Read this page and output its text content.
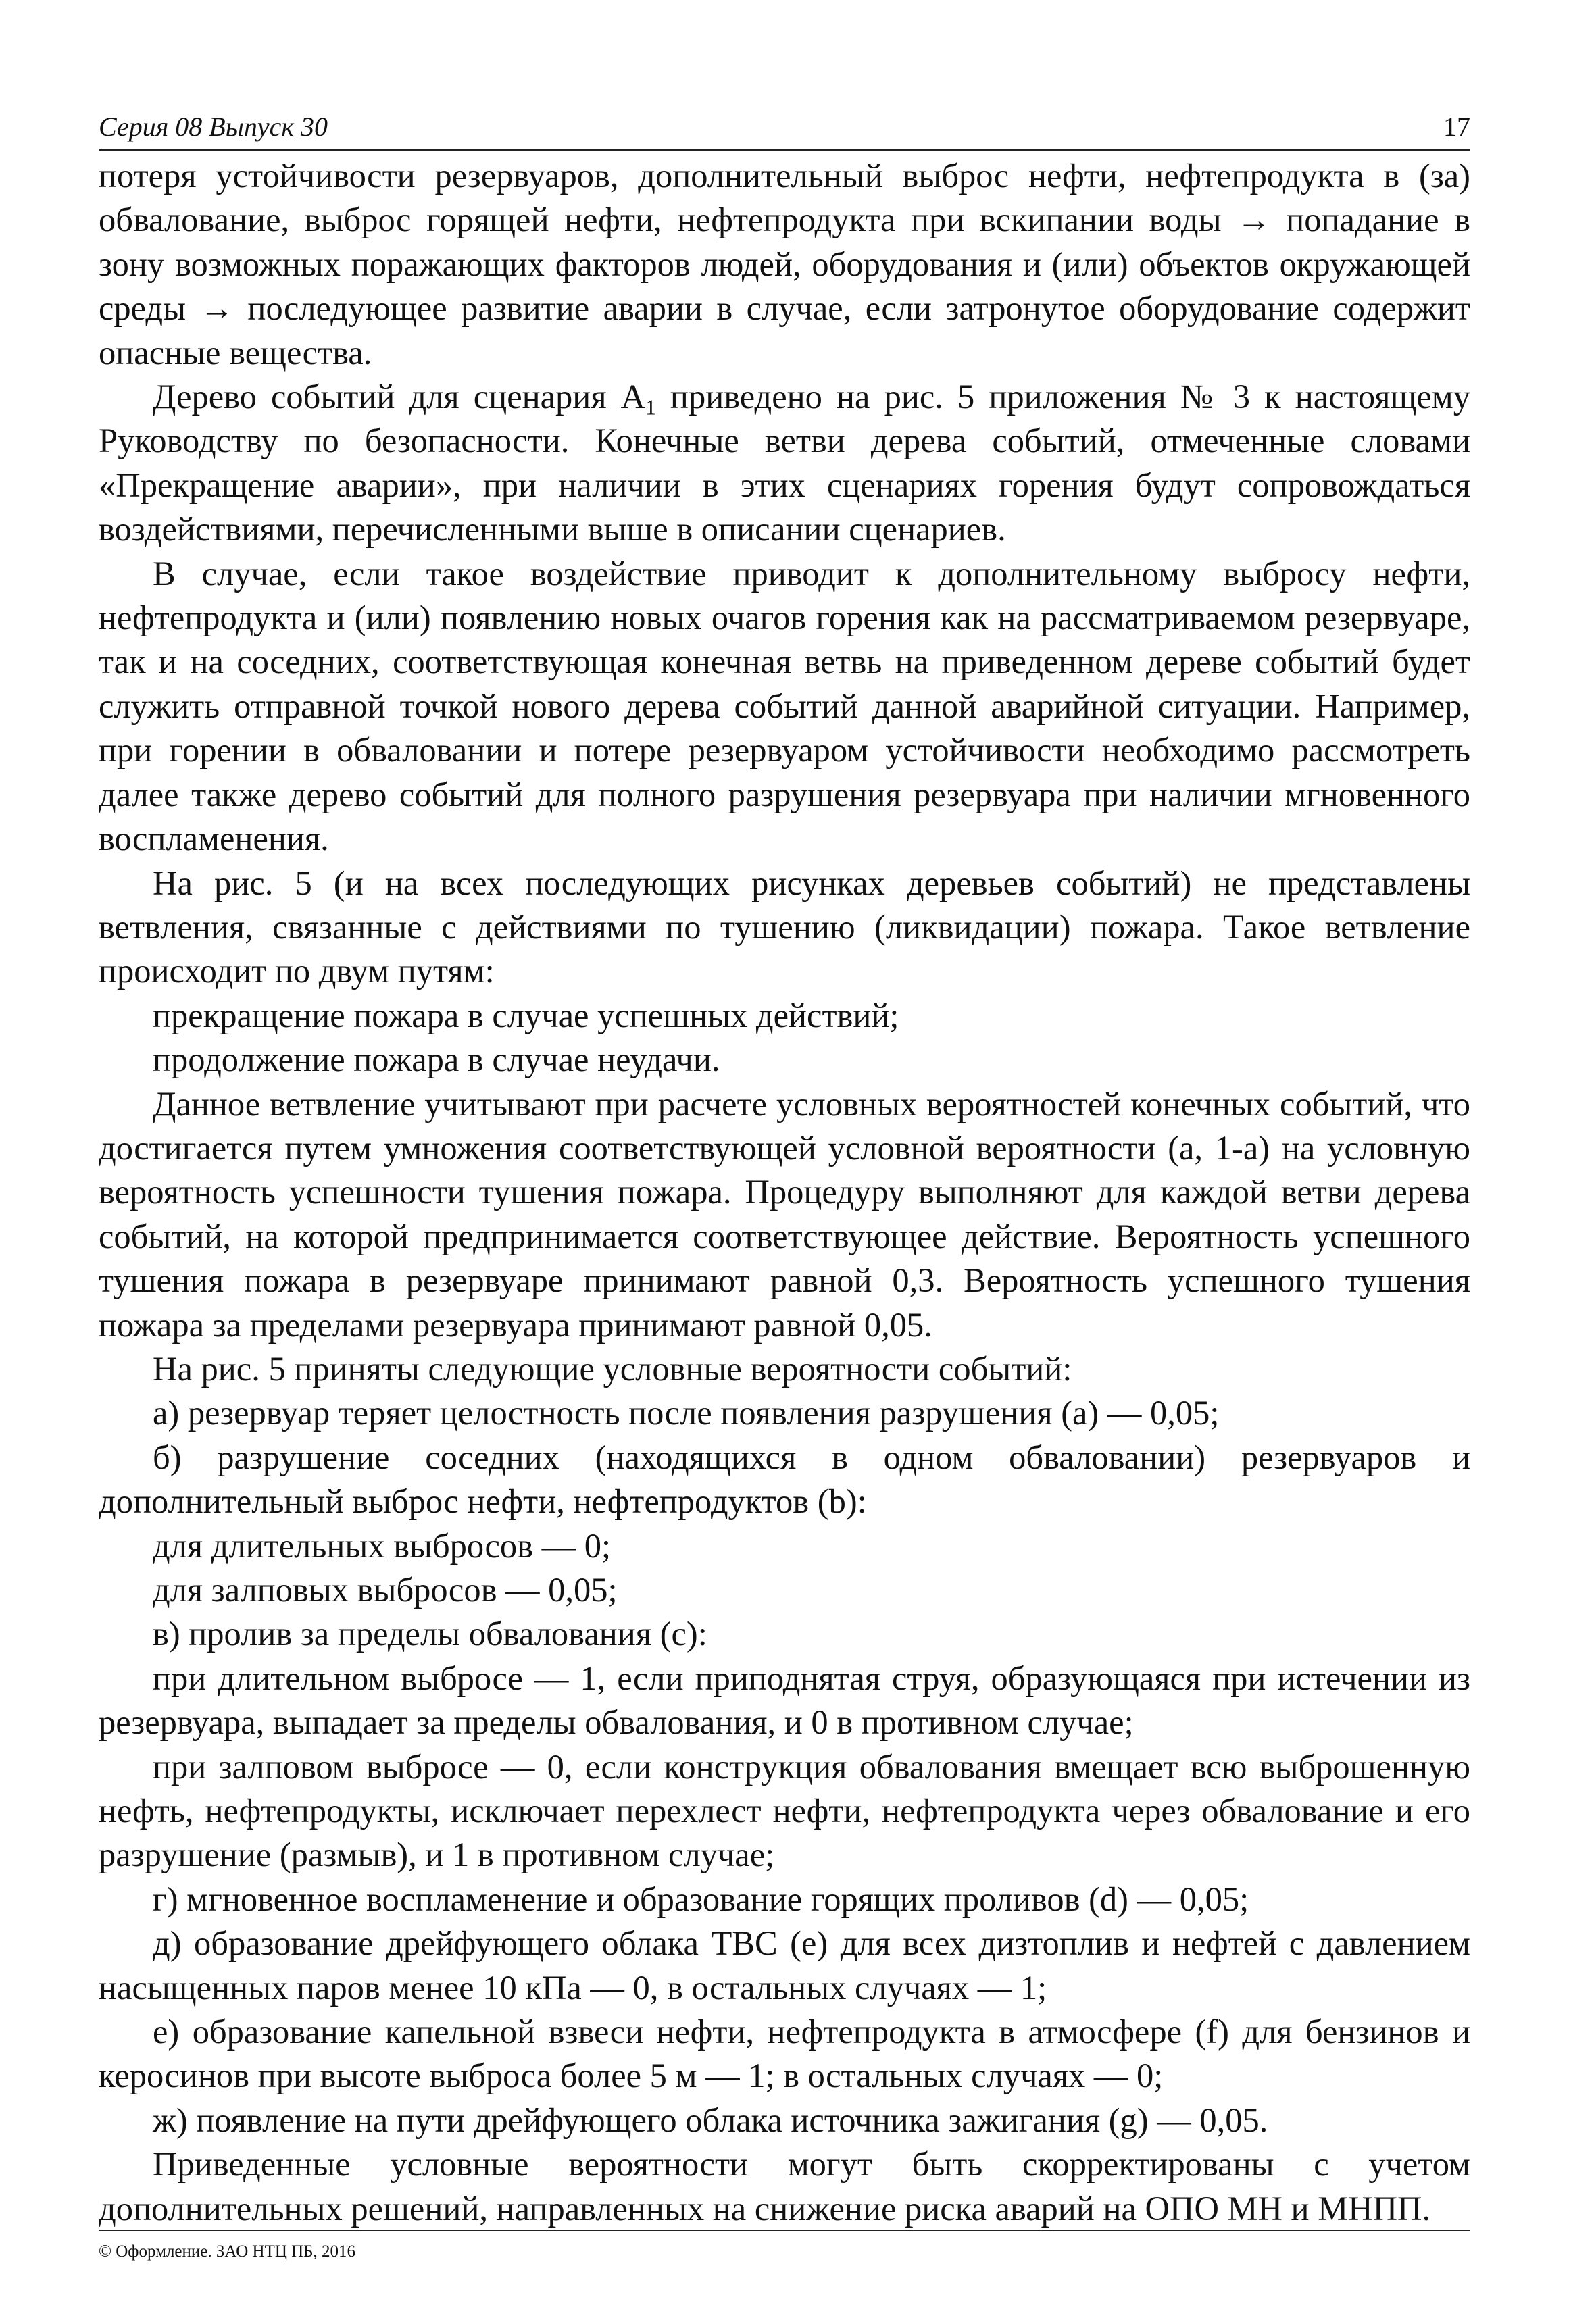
Серия 08 Выпуск 30	17

потеря устойчивости резервуаров, дополнительный выброс нефти, нефтепродукта в (за) обвалование, выброс горящей нефти, нефтепродукта при вскипании воды → попадание в зону возможных поражающих факторов людей, оборудования и (или) объектов окружающей среды → последующее развитие аварии в случае, если затронутое оборудование содержит опасные вещества.

Дерево событий для сценария $А_1$ приведено на рис. 5 приложения № 3 к настоящему Руководству по безопасности. Конечные ветви дерева событий, отмеченные словами «Прекращение аварии», при наличии в этих сценариях горения будут сопровождаться воздействиями, перечисленными выше в описании сценариев.

В случае, если такое воздействие приводит к дополнительному выбросу нефти, нефтепродукта и (или) появлению новых очагов горения как на рассматриваемом резервуаре, так и на соседних, соответствующая конечная ветвь на приведенном дереве событий будет служить отправной точкой нового дерева событий данной аварийной ситуации. Например, при горении в обваловании и потере резервуаром устойчивости необходимо рассмотреть далее также дерево событий для полного разрушения резервуара при наличии мгновенного воспламенения.

На рис. 5 (и на всех последующих рисунках деревьев событий) не представлены ветвления, связанные с действиями по тушению (ликвидации) пожара. Такое ветвление происходит по двум путям:

прекращение пожара в случае успешных действий;

продолжение пожара в случае неудачи.

Данное ветвление учитывают при расчете условных вероятностей конечных событий, что достигается путем умножения соответствующей условной вероятности (a, 1-a) на условную вероятность успешности тушения пожара. Процедуру выполняют для каждой ветви дерева событий, на которой предпринимается соответствующее действие. Вероятность успешного тушения пожара в резервуаре принимают равной 0,3. Вероятность успешного тушения пожара за пределами резервуара принимают равной 0,05.

На рис. 5 приняты следующие условные вероятности событий:

а) резервуар теряет целостность после появления разрушения (a) — 0,05;

б) разрушение соседних (находящихся в одном обваловании) резервуаров и дополнительный выброс нефти, нефтепродуктов (b):

для длительных выбросов — 0;

для залповых выбросов — 0,05;

в) пролив за пределы обвалования (c):

при длительном выбросе — 1, если приподнятая струя, образующаяся при истечении из резервуара, выпадает за пределы обвалования, и 0 в противном случае;

при залповом выбросе — 0, если конструкция обвалования вмещает всю выброшенную нефть, нефтепродукты, исключает перехлест нефти, нефтепродукта через обвалование и его разрушение (размыв), и 1 в противном случае;

г) мгновенное воспламенение и образование горящих проливов (d) — 0,05;

д) образование дрейфующего облака ТВС (e) для всех дизтоплив и нефтей с давлением насыщенных паров менее 10 кПа — 0, в остальных случаях — 1;

е) образование капельной взвеси нефти, нефтепродукта в атмосфере (f) для бензинов и керосинов при высоте выброса более 5 м — 1; в остальных случаях — 0;

ж) появление на пути дрейфующего облака источника зажигания (g) — 0,05.

Приведенные условные вероятности могут быть скорректированы с учетом дополнительных решений, направленных на снижение риска аварий на ОПО МН и МНПП.

© Оформление. ЗАО НТЦ ПБ, 2016
